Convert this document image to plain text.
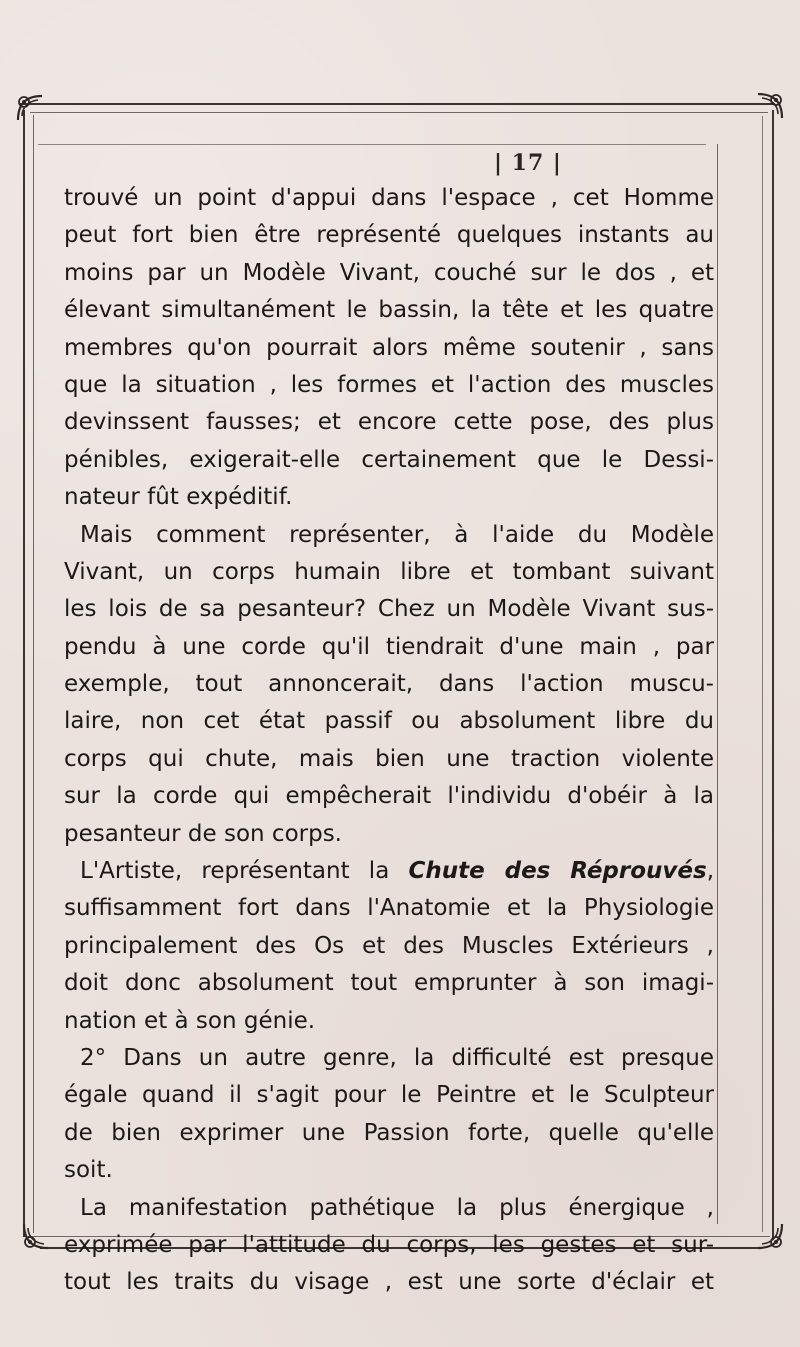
| 17 |
trouvé un point d'appui dans l'espace , cet Homme
peut fort bien être représenté quelques instants au
moins par un Modèle Vivant, couché sur le dos , et
élevant simultanément le bassin, la tête et les quatre
membres qu'on pourrait alors même soutenir , sans
que la situation , les formes et l'action des muscles
devinssent fausses; et encore cette pose, des plus
pénibles, exigerait-elle certainement que le Dessi-
nateur fût expéditif.
Mais comment représenter, à l'aide du Modèle
Vivant, un corps humain libre et tombant suivant
les lois de sa pesanteur? Chez un Modèle Vivant sus-
pendu à une corde qu'il tiendrait d'une main , par
exemple, tout annoncerait, dans l'action muscu-
laire, non cet état passif ou absolument libre du
corps qui chute, mais bien une traction violente
sur la corde qui empêcherait l'individu d'obéir à la
pesanteur de son corps.
L'Artiste, représentant la Chute des Réprouvés,
suffisamment fort dans l'Anatomie et la Physiologie
principalement des Os et des Muscles Extérieurs ,
doit donc absolument tout emprunter à son imagi-
nation et à son génie.
2° Dans un autre genre, la difficulté est presque
égale quand il s'agit pour le Peintre et le Sculpteur
de bien exprimer une Passion forte, quelle qu'elle
soit.
La manifestation pathétique la plus énergique ,
exprimée par l'attitude du corps, les gestes et sur-
tout les traits du visage , est une sorte d'éclair et
